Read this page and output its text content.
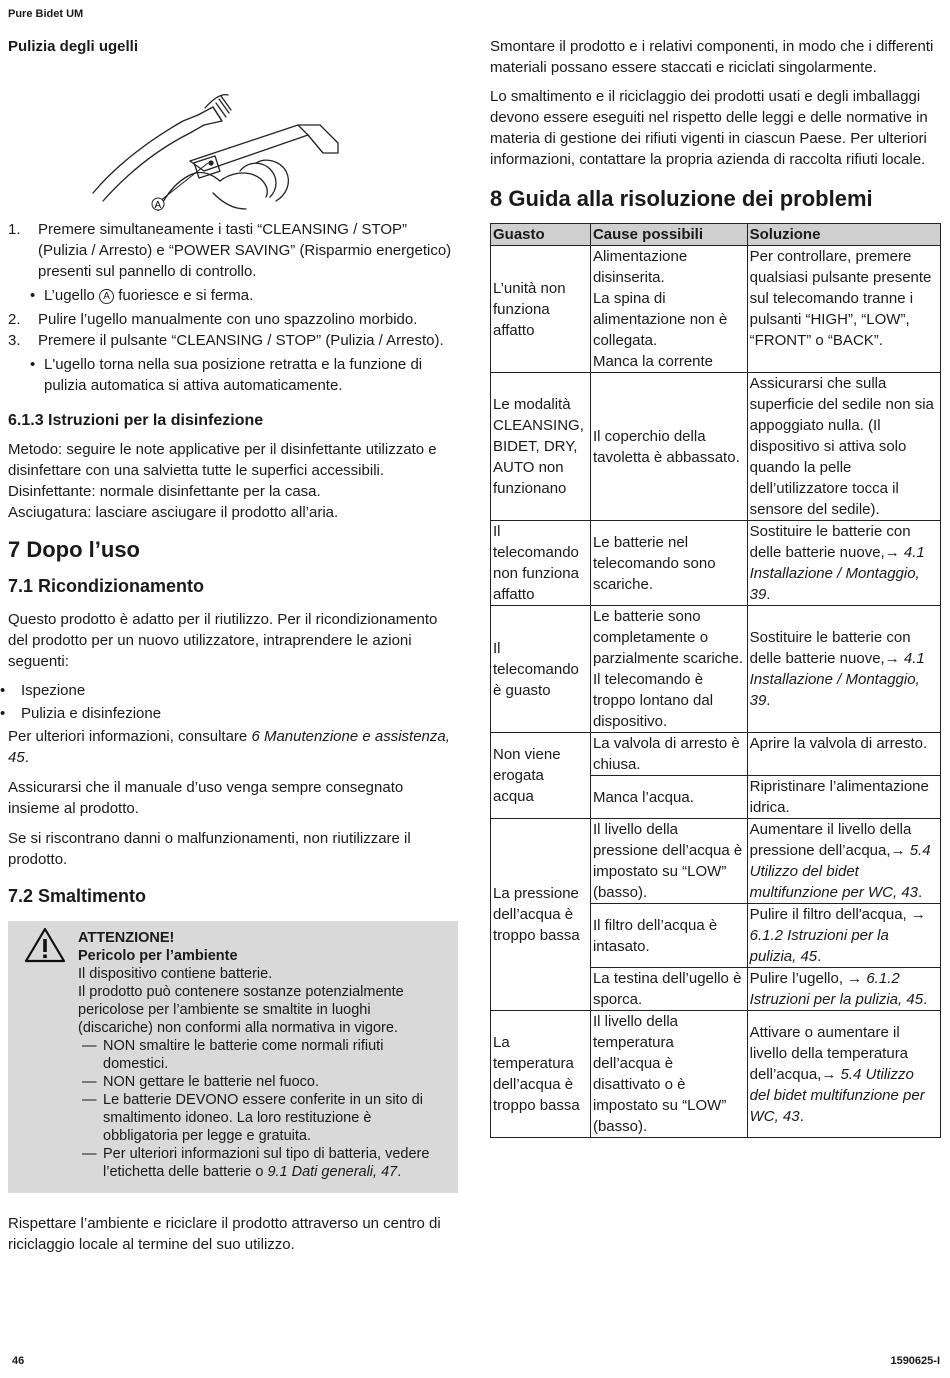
Pure Bidet UM
Pulizia degli ugelli
A
1.	Premere simultaneamente i tasti “CLEANSING / STOP” (Pulizia / Arresto) e “POWER SAVING” (Risparmio energetico) presenti sul pannello di controllo.
• L’ugello A fuoriesce e si ferma.
2.	Pulire l’ugello manualmente con uno spazzolino morbido.
3.	Premere il pulsante “CLEANSING / STOP” (Pulizia / Arresto).
• L'ugello torna nella sua posizione retratta e la funzione di pulizia automatica si attiva automaticamente.
6.1.3 Istruzioni per la disinfezione
Metodo: seguire le note applicative per il disinfettante utilizzato e disinfettare con una salvietta tutte le superfici accessibili.
Disinfettante: normale disinfettante per la casa.
Asciugatura: lasciare asciugare il prodotto all’aria.
7 Dopo l’uso
7.1 Ricondizionamento
Questo prodotto è adatto per il riutilizzo. Per il ricondizionamento del prodotto per un nuovo utilizzatore, intraprendere le azioni seguenti:
•	Ispezione
•	Pulizia e disinfezione
Per ulteriori informazioni, consultare 6 Manutenzione e assistenza, 45.
Assicurarsi che il manuale d’uso venga sempre consegnato insieme al prodotto.
Se si riscontrano danni o malfunzionamenti, non riutilizzare il prodotto.
7.2 Smaltimento
ATTENZIONE!
Pericolo per l’ambiente
Il dispositivo contiene batterie.
Il prodotto può contenere sostanze potenzialmente pericolose per l’ambiente se smaltite in luoghi (discariche) non conformi alla normativa in vigore.
— NON smaltire le batterie come normali rifiuti domestici.
— NON gettare le batterie nel fuoco.
— Le batterie DEVONO essere conferite in un sito di smaltimento idoneo. La loro restituzione è obbligatoria per legge e gratuita.
— Per ulteriori informazioni sul tipo di batteria, vedere l’etichetta delle batterie o 9.1 Dati generali, 47.
Rispettare l’ambiente e riciclare il prodotto attraverso un centro di riciclaggio locale al termine del suo utilizzo.
Smontare il prodotto e i relativi componenti, in modo che i differenti materiali possano essere staccati e riciclati singolarmente.
Lo smaltimento e il riciclaggio dei prodotti usati e degli imballaggi devono essere eseguiti nel rispetto delle leggi e delle normative in materia di gestione dei rifiuti vigenti in ciascun Paese. Per ulteriori informazioni, contattare la propria azienda di raccolta rifiuti locale.
8 Guida alla risoluzione dei problemi
Guasto	Cause possibili	Soluzione
L’unità non funziona affatto	Alimentazione disinserita.
La spina di alimentazione non è collegata.
Manca la corrente	Per controllare, premere qualsiasi pulsante presente sul telecomando tranne i pulsanti “HIGH”, “LOW”, “FRONT” o “BACK”.
Le modalità CLEANSING, BIDET, DRY, AUTO non funzionano	Il coperchio della tavoletta è abbassato.	Assicurarsi che sulla superficie del sedile non sia appoggiato nulla. (Il dispositivo si attiva solo quando la pelle dell’utilizzatore tocca il sensore del sedile).
Il telecomando non funziona affatto	Le batterie nel telecomando sono scariche.	Sostituire le batterie con delle batterie nuove,→ 4.1 Installazione / Montaggio, 39.
Il telecomando è guasto	Le batterie sono completamente o parzialmente scariche.
Il telecomando è troppo lontano dal dispositivo.	Sostituire le batterie con delle batterie nuove,→ 4.1 Installazione / Montaggio, 39.
Non viene erogata acqua	La valvola di arresto è chiusa.	Aprire la valvola di arresto.
	Manca l’acqua.	Ripristinare l’alimentazione idrica.
La pressione dell’acqua è troppo bassa	Il livello della pressione dell’acqua è impostato su “LOW” (basso).	Aumentare il livello della pressione dell’acqua,→ 5.4 Utilizzo del bidet multifunzione per WC, 43.
	Il filtro dell’acqua è intasato.	Pulire il filtro dell'acqua, → 6.1.2 Istruzioni per la pulizia, 45.
	La testina dell’ugello è sporca.	Pulire l’ugello, → 6.1.2 Istruzioni per la pulizia, 45.
La temperatura dell’acqua è troppo bassa	Il livello della temperatura dell’acqua è disattivato o è impostato su “LOW” (basso).	Attivare o aumentare il livello della temperatura dell’acqua,→ 5.4 Utilizzo del bidet multifunzione per WC, 43.
46	1590625-I
